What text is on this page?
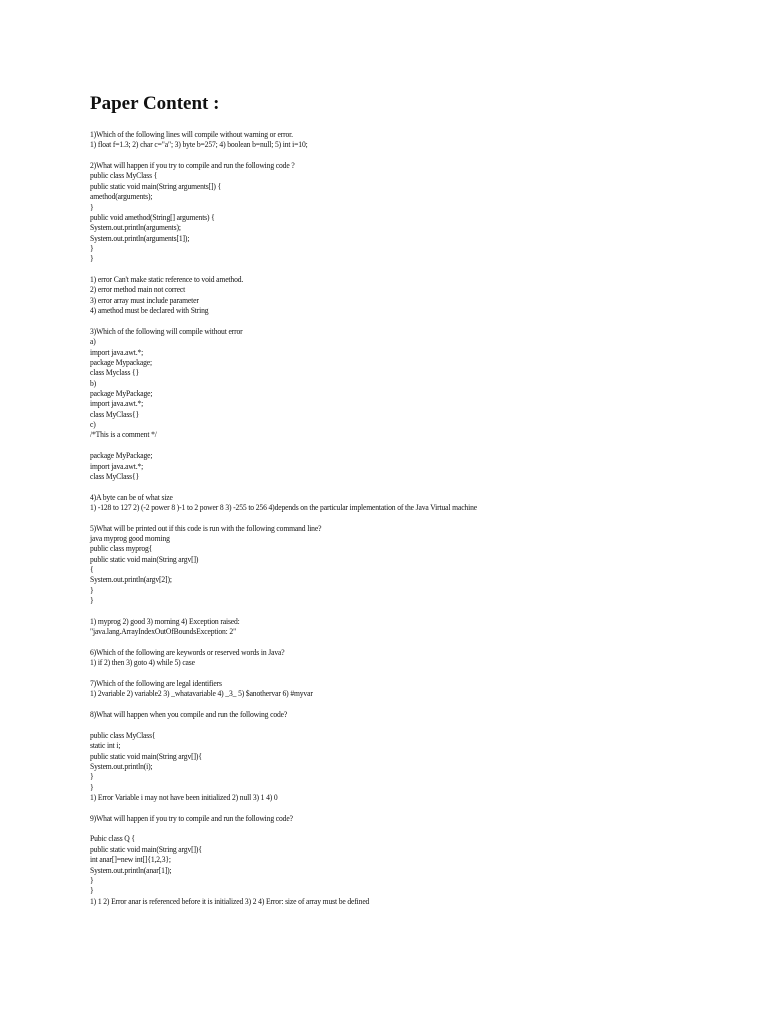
Paper Content :
1)Which of the following lines will compile without warning or error.
1) float f=1.3; 2) char c="a"; 3) byte b=257; 4) boolean b=null; 5) int i=10;
2)What will happen if you try to compile and run the following code ?
public class MyClass {
public static void main(String arguments[]) {
amethod(arguments);
}
public void amethod(String[] arguments) {
System.out.println(arguments);
System.out.println(arguments[1]);
}
}
1) error Can't make static reference to void amethod.
2) error method main not correct
3) error array must include parameter
4) amethod must be declared with String
3)Which of the following will compile without error
a)
import java.awt.*;
package Mypackage;
class Myclass {}
b)
package MyPackage;
import java.awt.*;
class MyClass{}
c)
/*This is a comment */
package MyPackage;
import java.awt.*;
class MyClass{}
4)A byte can be of what size
1) -128 to 127 2) (-2 power 8 )-1 to 2 power 8 3) -255 to 256 4)depends on the particular implementation of the Java Virtual machine
5)What will be printed out if this code is run with the following command line?
java myprog good morning
public class myprog{
public static void main(String argv[])
{
System.out.println(argv[2]);
}
}
1) myprog 2) good 3) morning 4) Exception raised:
"java.lang.ArrayIndexOutOfBoundsException: 2"
6)Which of the following are keywords or reserved words in Java?
1) if 2) then 3) goto 4) while 5) case
7)Which of the following are legal identifiers
1) 2variable 2) variable2 3) _whatavariable 4) _3_ 5) $anothervar 6) #myvar
8)What will happen when you compile and run the following code?
public class MyClass{
static int i;
public static void main(String argv[]){
System.out.println(i);
}
}
1) Error Variable i may not have been initialized 2) null 3) 1 4) 0
9)What will happen if you try to compile and run the following code?
Pubic class Q {
public static void main(String argv[]){
int anar[]=new int[]{1,2,3};
System.out.println(anar[1]);
}
}
1) 1 2) Error anar is referenced before it is initialized 3) 2 4) Error: size of array must be defined
